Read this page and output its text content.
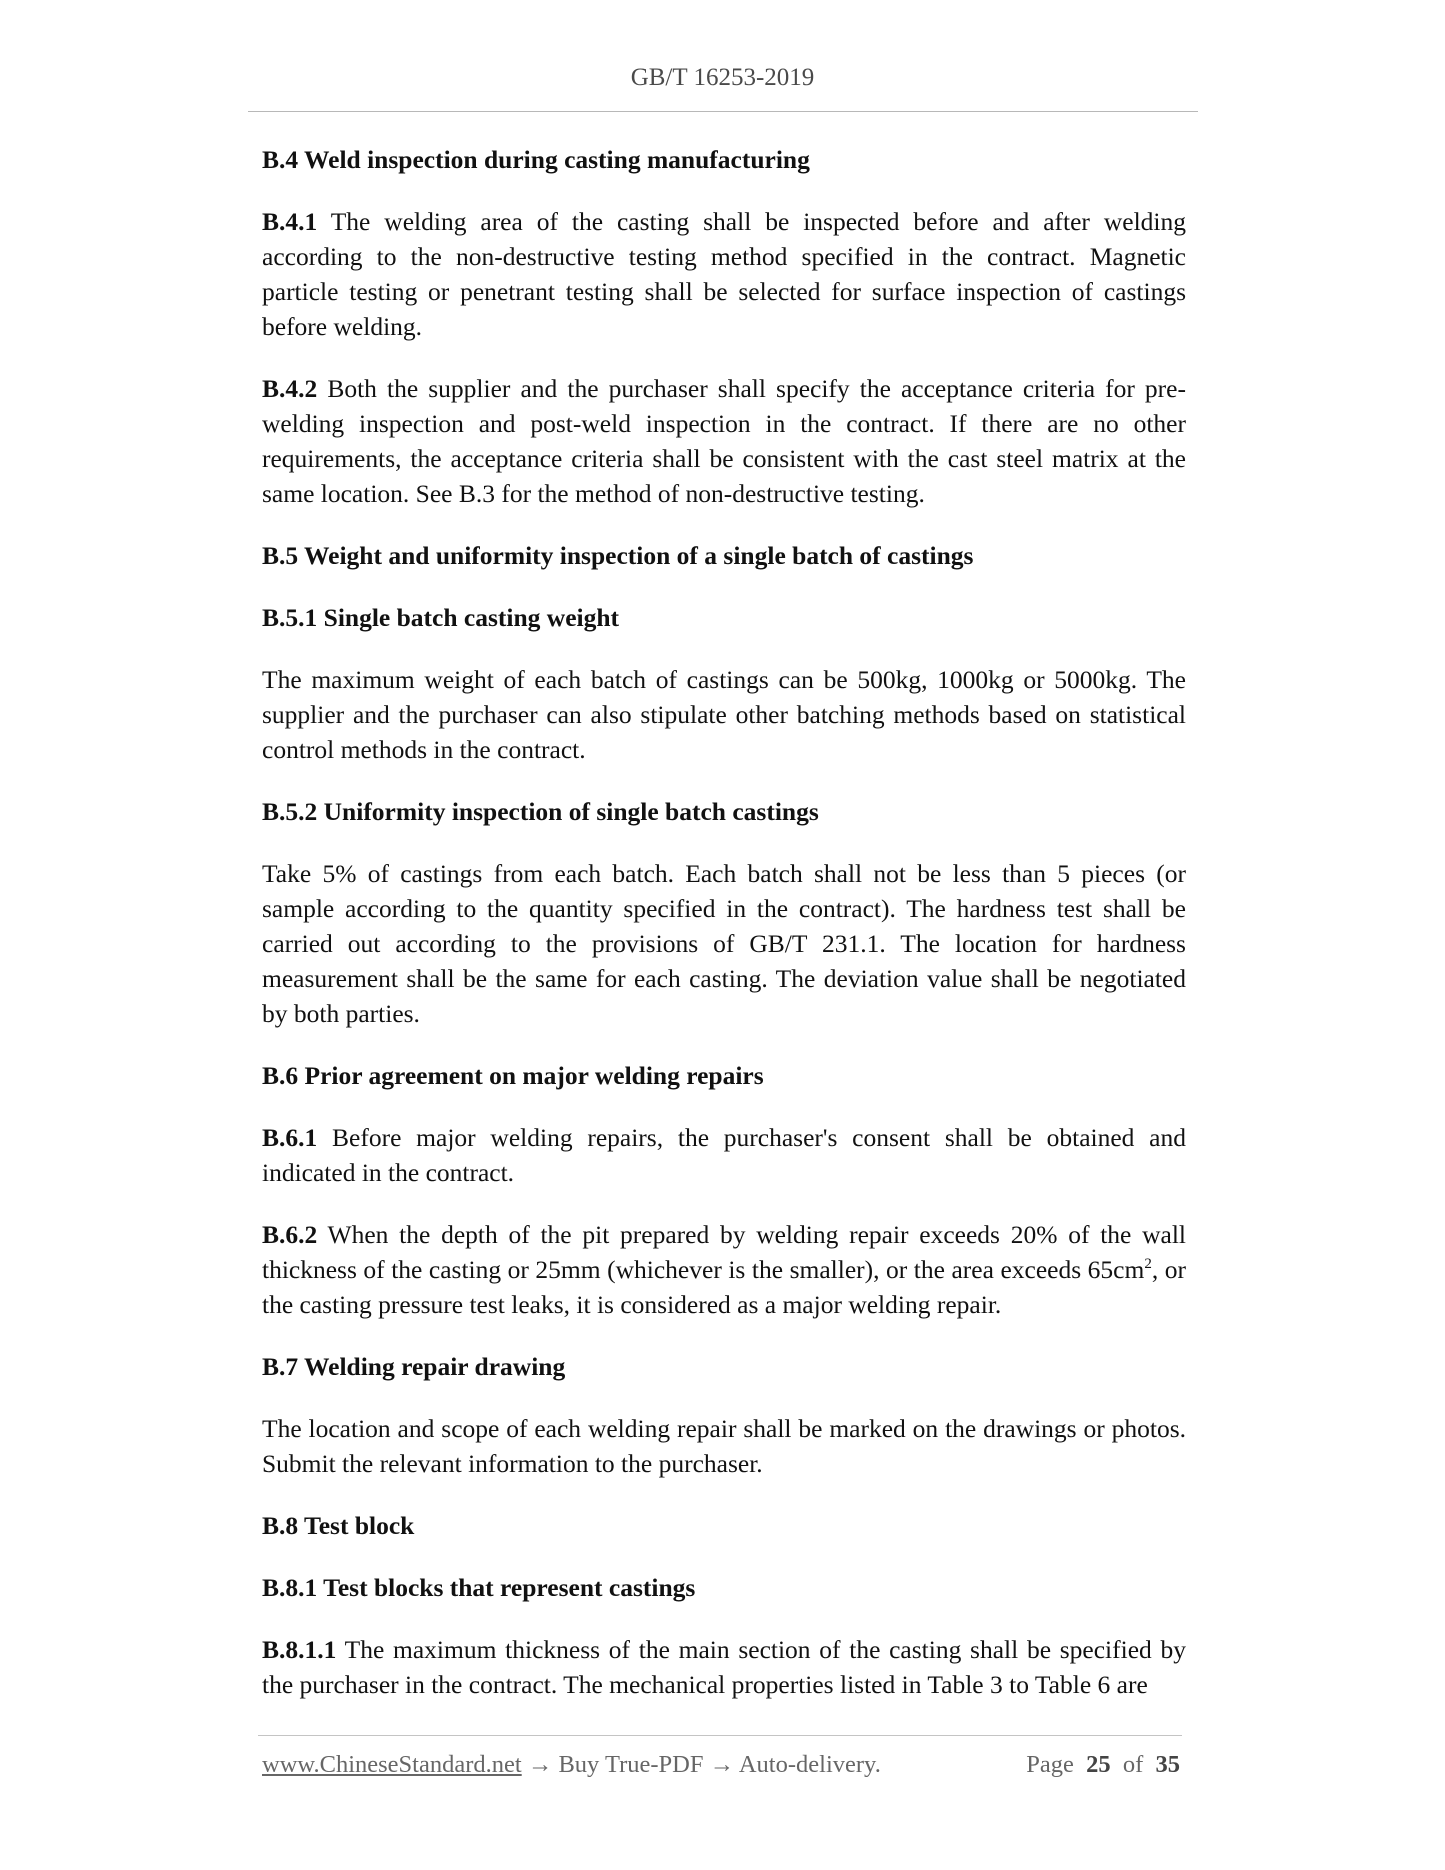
GB/T 16253-2019
B.4 Weld inspection during casting manufacturing

B.4.1 The welding area of the casting shall be inspected before and after welding according to the non-destructive testing method specified in the contract. Magnetic particle testing or penetrant testing shall be selected for surface inspection of castings before welding.

B.4.2 Both the supplier and the purchaser shall specify the acceptance criteria for pre-welding inspection and post-weld inspection in the contract. If there are no other requirements, the acceptance criteria shall be consistent with the cast steel matrix at the same location. See B.3 for the method of non-destructive testing.

B.5 Weight and uniformity inspection of a single batch of castings
B.5.1 Single batch casting weight

The maximum weight of each batch of castings can be 500kg, 1000kg or 5000kg. The supplier and the purchaser can also stipulate other batching methods based on statistical control methods in the contract.

B.5.2 Uniformity inspection of single batch castings

Take 5% of castings from each batch. Each batch shall not be less than 5 pieces (or sample according to the quantity specified in the contract). The hardness test shall be carried out according to the provisions of GB/T 231.1. The location for hardness measurement shall be the same for each casting. The deviation value shall be negotiated by both parties.

B.6 Prior agreement on major welding repairs

B.6.1 Before major welding repairs, the purchaser's consent shall be obtained and indicated in the contract.

B.6.2 When the depth of the pit prepared by welding repair exceeds 20% of the wall thickness of the casting or 25mm (whichever is the smaller), or the area exceeds $65cm^2$, or the casting pressure test leaks, it is considered as a major welding repair.

B.7 Welding repair drawing

The location and scope of each welding repair shall be marked on the drawings or photos. Submit the relevant information to the purchaser.

B.8 Test block
B.8.1 Test blocks that represent castings

B.8.1.1 The maximum thickness of the main section of the casting shall be specified by the purchaser in the contract. The mechanical properties listed in Table 3 to Table 6 are

www.ChineseStandard.net → Buy True-PDF → Auto-delivery.	Page 25 of 35
